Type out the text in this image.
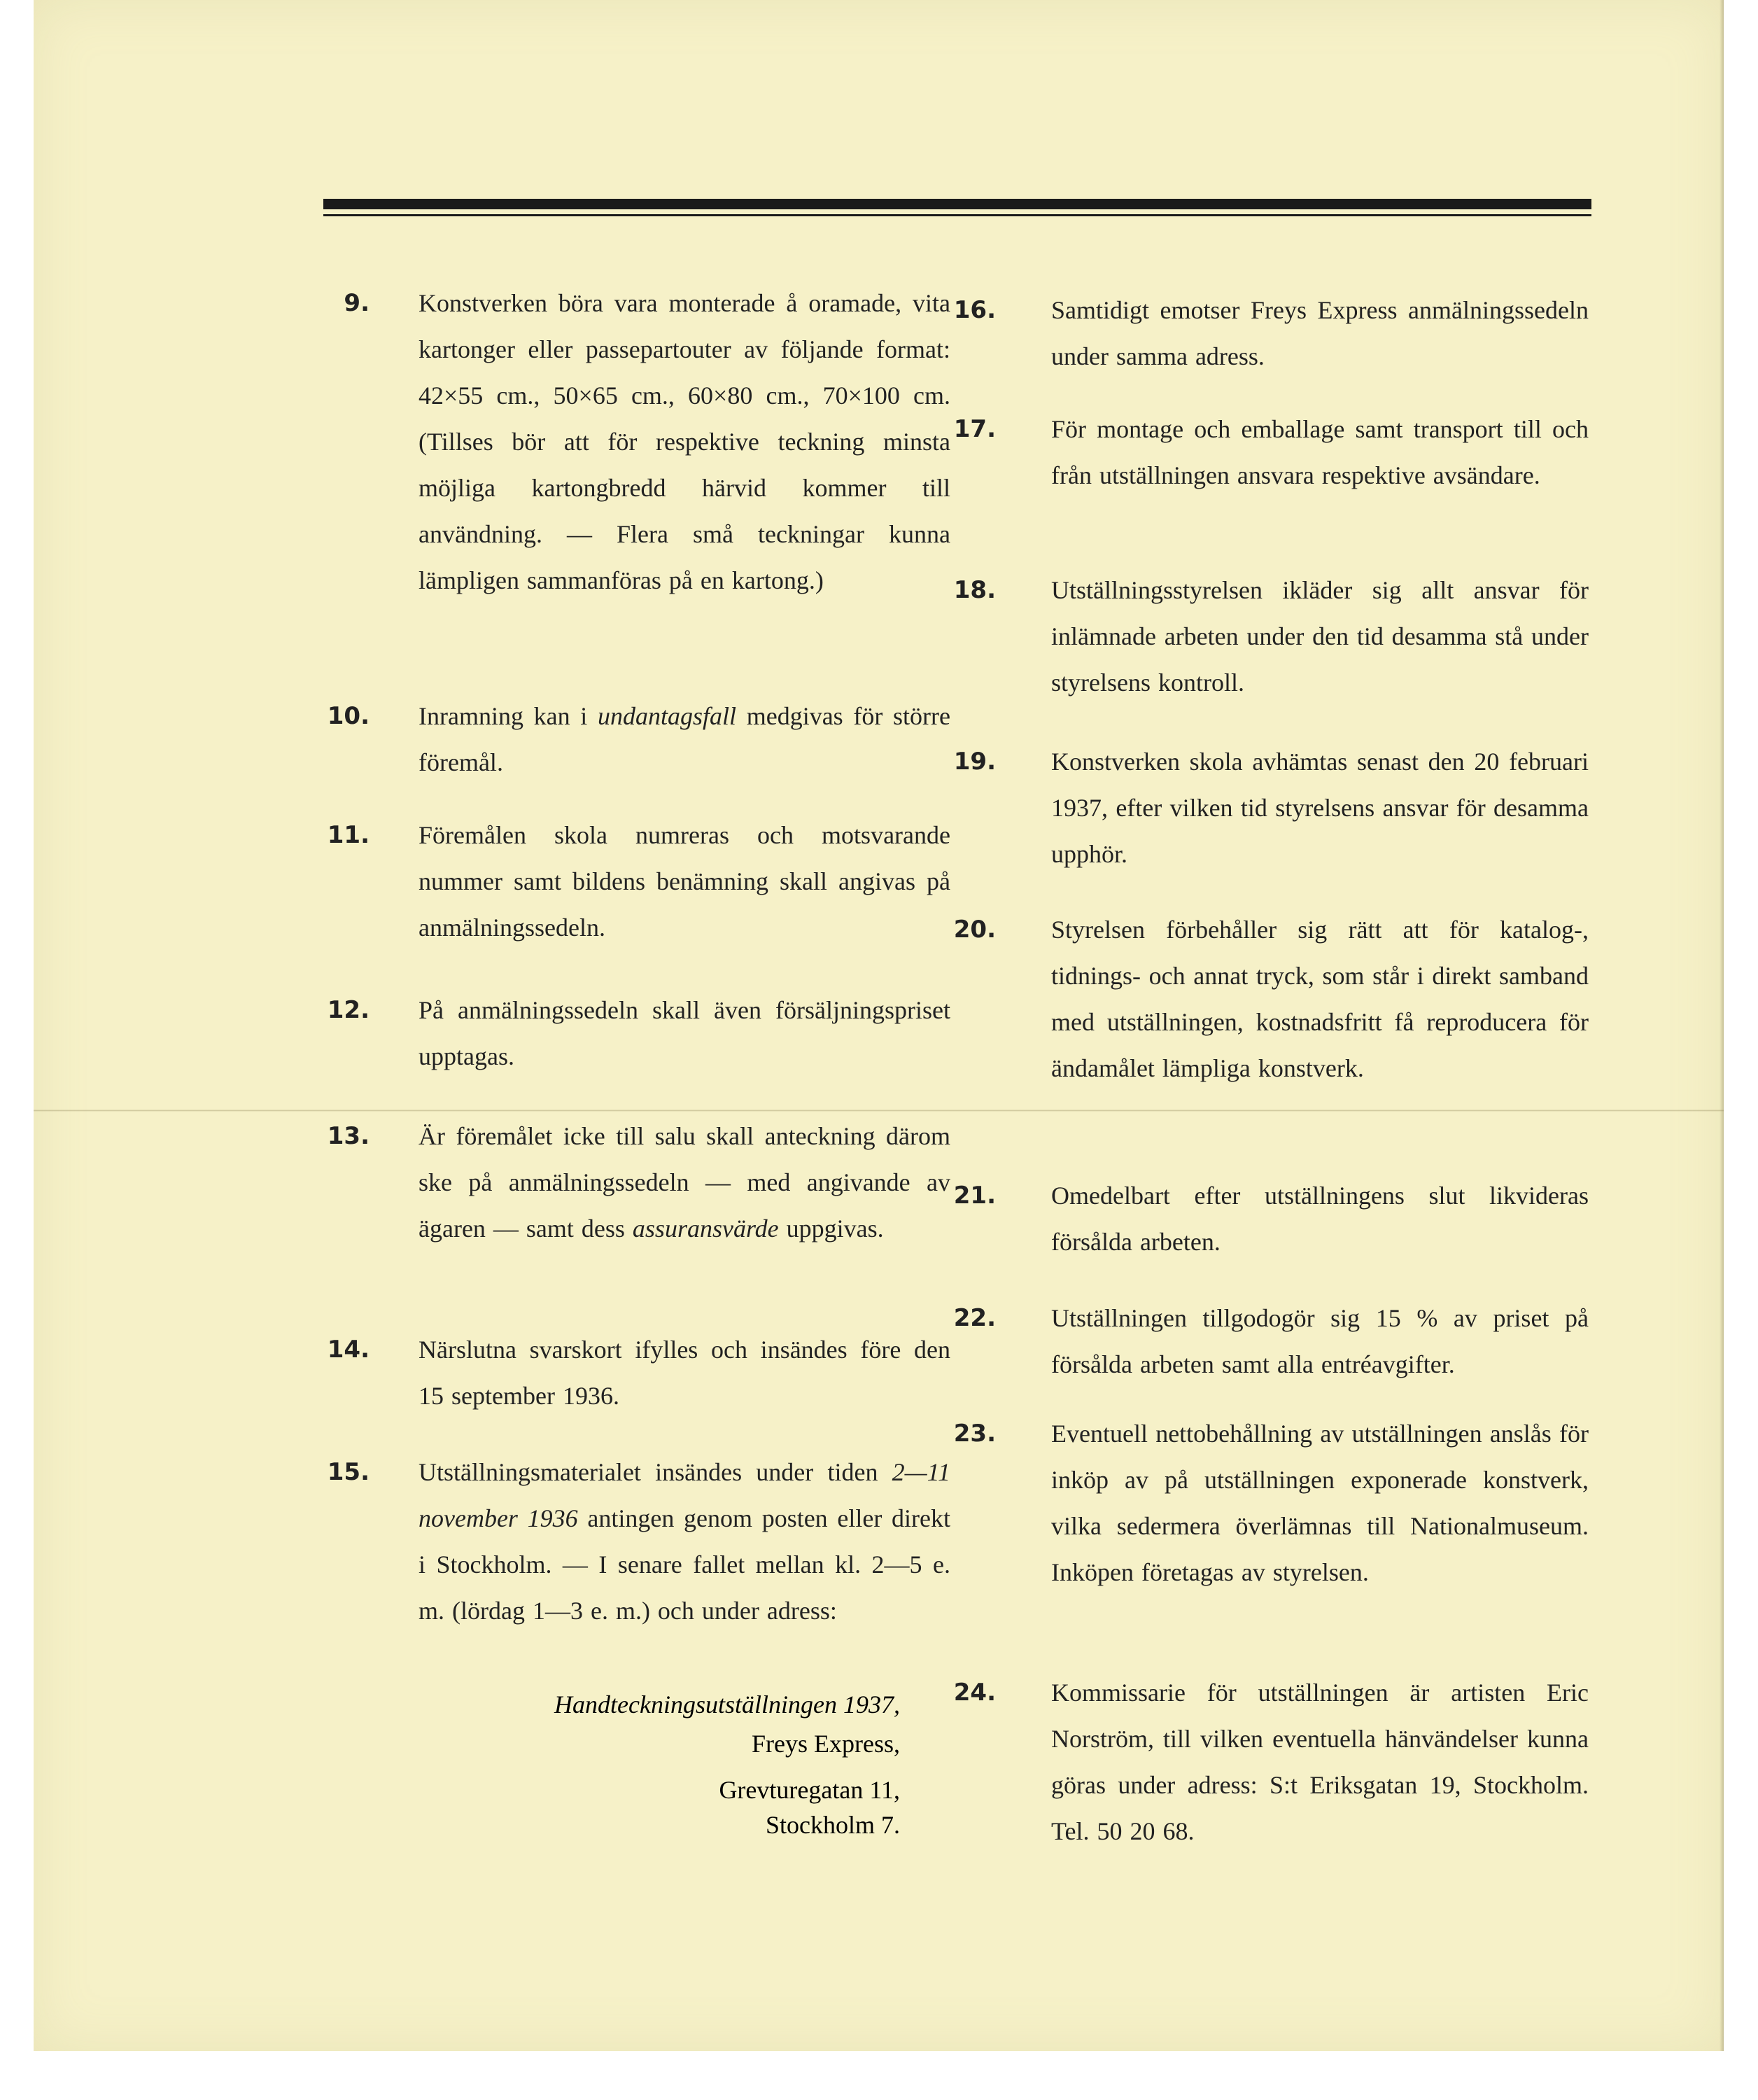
9. Konstverken böra vara monterade å oramade, vita kartonger eller passepartouter av följande format: 42×55 cm., 50×65 cm., 60×80 cm., 70×100 cm. (Tillses bör att för respektive teckning minsta möjliga kartongbredd härvid kommer till användning. — Flera små teckningar kunna lämpligen sammanföras på en kartong.)
10. Inramning kan i undantagsfall medgivas för större föremål.
11. Föremålen skola numreras och motsvarande nummer samt bildens benämning skall angivas på anmälningssedeln.
12. På anmälningssedeln skall även försäljningspriset upptagas.
13. Är föremålet icke till salu skall anteckning därom ske på anmälningssedeln — med angivande av ägaren — samt dess assuransvärde uppgivas.
14. Närslutna svarskort ifylles och insändes före den 15 september 1936.
15. Utställningsmaterialet insändes under tiden 2—11 november 1936 antingen genom posten eller direkt i Stockholm. — I senare fallet mellan kl. 2—5 e. m. (lördag 1—3 e. m.) och under adress:
16. Samtidigt emotser Freys Express anmälningssedeln under samma adress.
17. För montage och emballage samt transport till och från utställningen ansvara respektive avsändare.
18. Utställningsstyrelsen ikläder sig allt ansvar för inlämnade arbeten under den tid desamma stå under styrelsens kontroll.
19. Konstverken skola avhämtas senast den 20 februari 1937, efter vilken tid styrelsens ansvar för desamma upphör.
20. Styrelsen förbehåller sig rätt att för katalog-, tidnings- och annat tryck, som står i direkt samband med utställningen, kostnadsfritt få reproducera för ändamålet lämpliga konstverk.
21. Omedelbart efter utställningens slut likvideras försålda arbeten.
22. Utställningen tillgodogör sig 15 % av priset på försålda arbeten samt alla entréavgifter.
23. Eventuell nettobehållning av utställningen anslås för inköp av på utställningen exponerade konstverk, vilka sedermera överlämnas till Nationalmuseum. Inköpen företagas av styrelsen.
24. Kommissarie för utställningen är artisten Eric Norström, till vilken eventuella hänvändelser kunna göras under adress: S:t Eriksgatan 19, Stockholm. Tel. 50 20 68.
Handteckningsutställningen 1937,
Freys Express,
Grevturegatan 11,
Stockholm 7.
